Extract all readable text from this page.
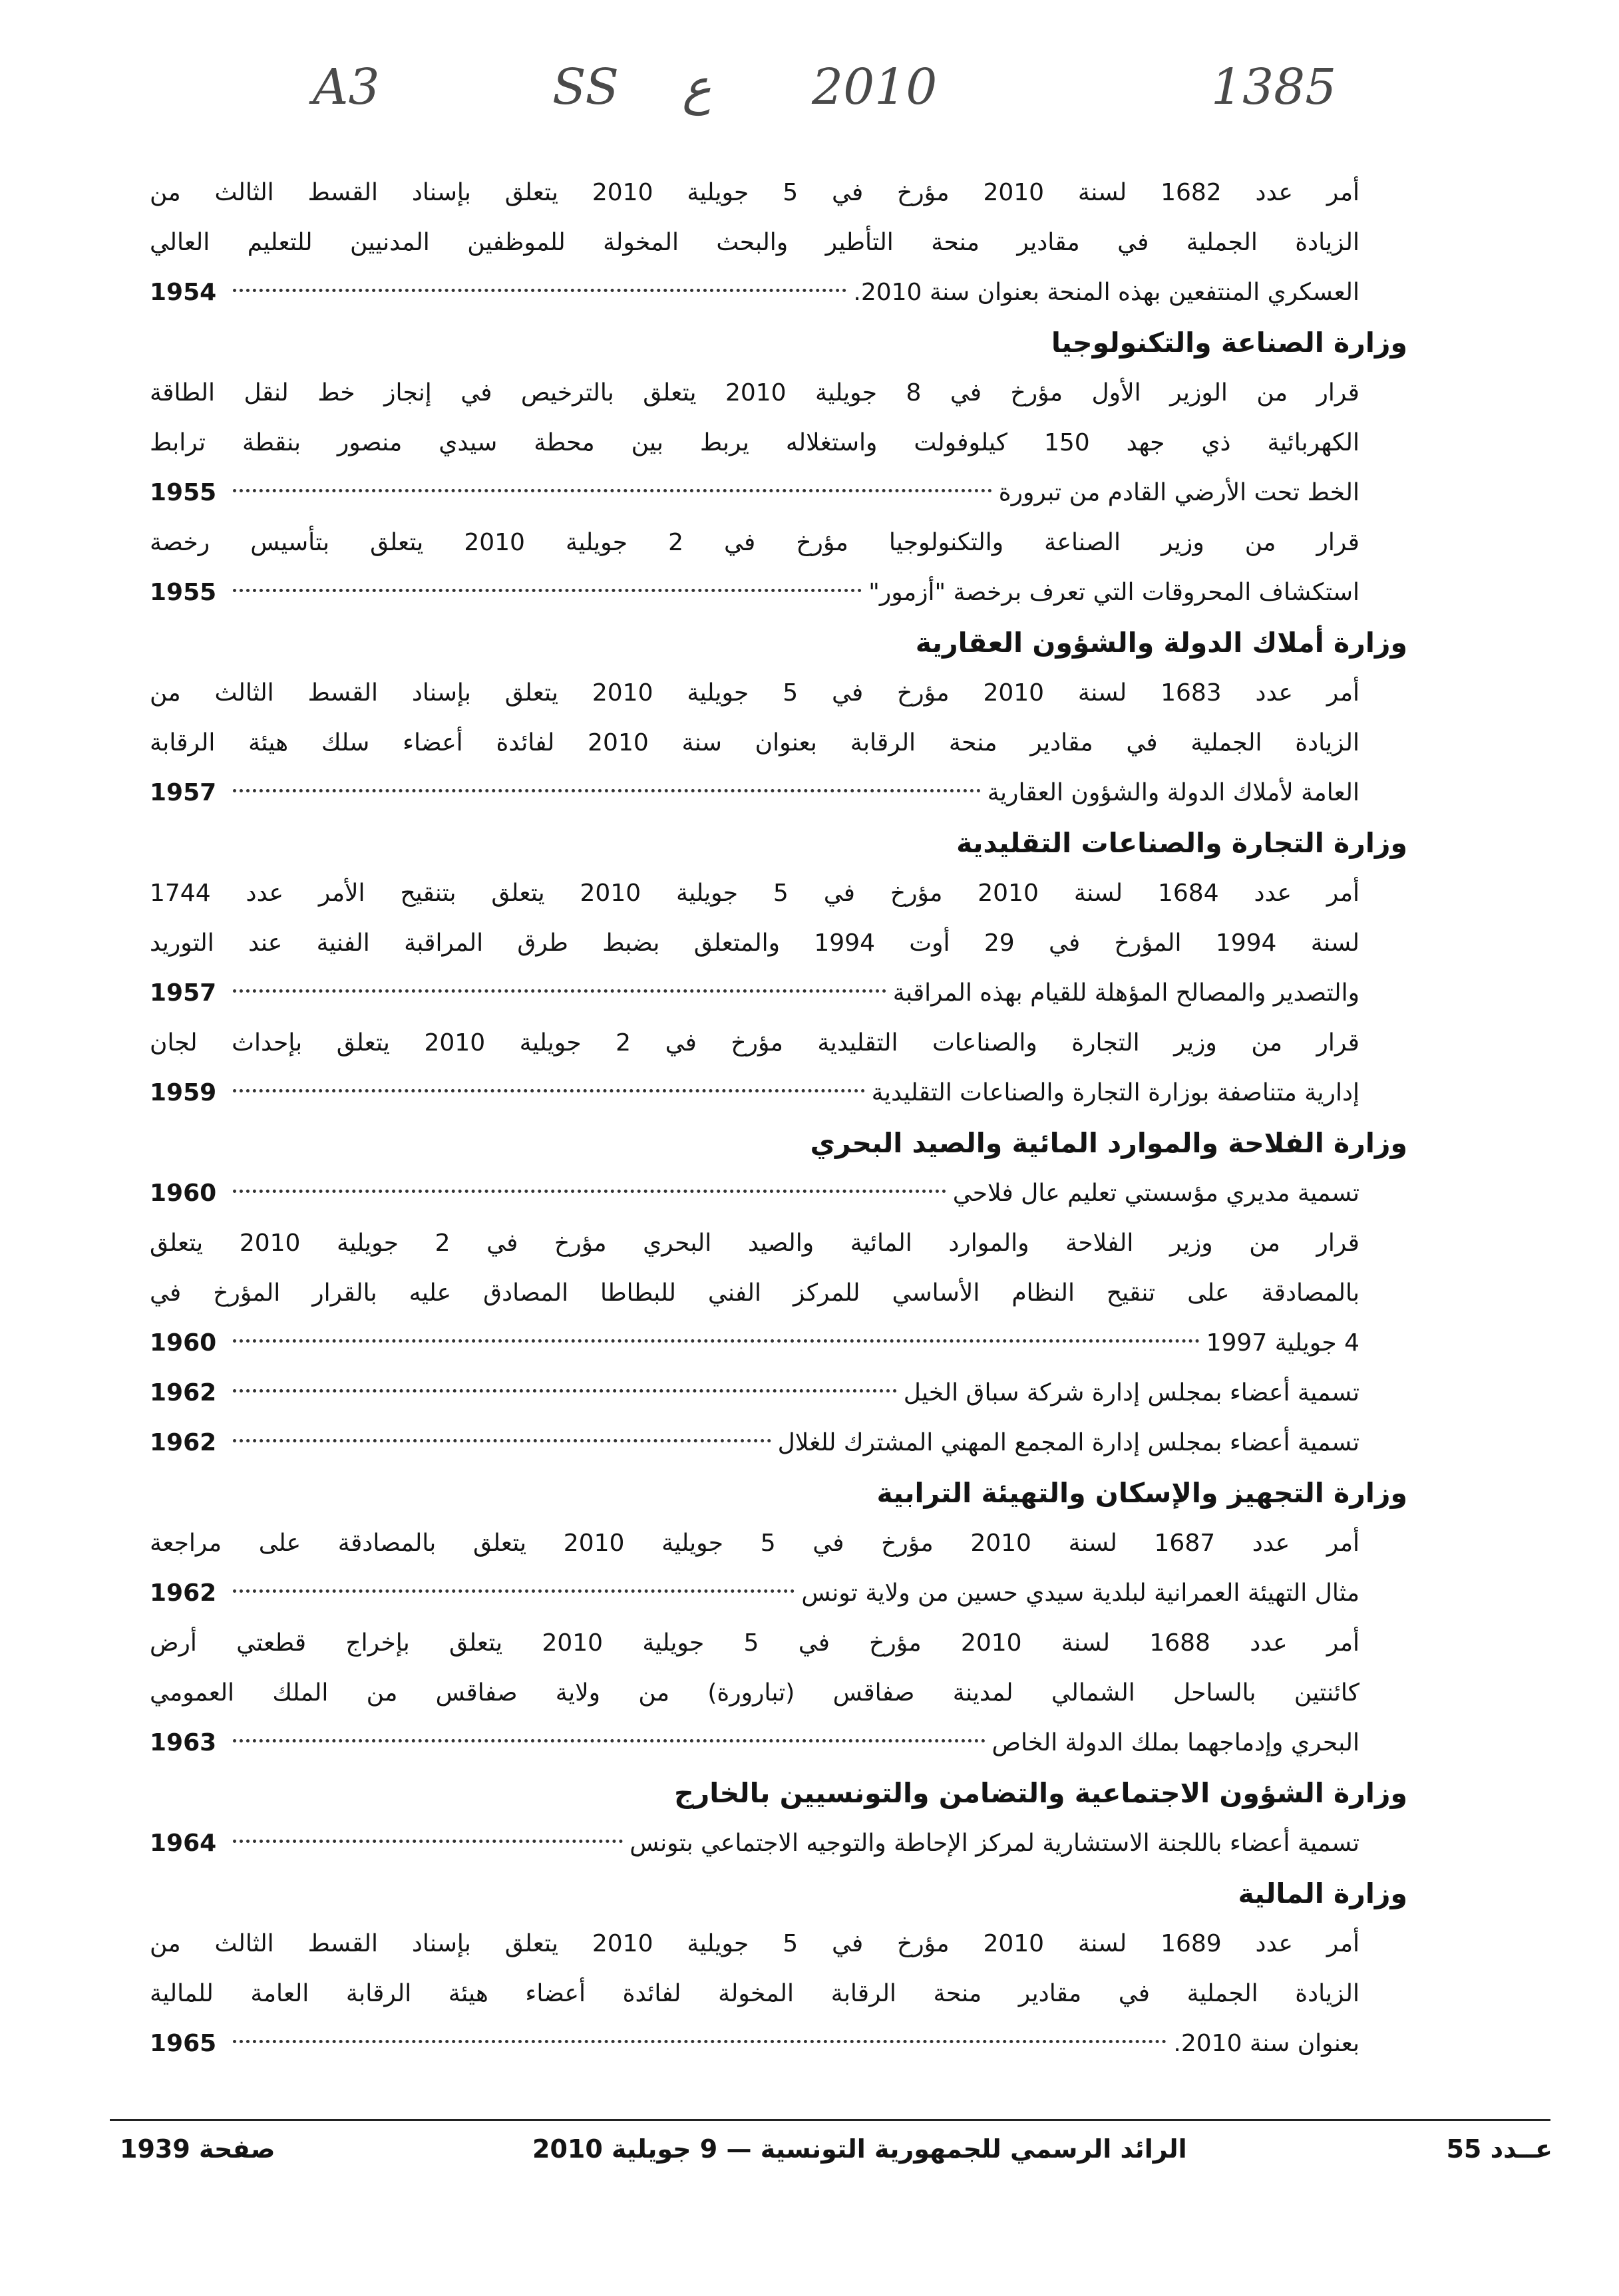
A3	SS ع 2010	1385
أمر عدد 1682 لسنة 2010 مؤرخ في 5 جويلية 2010 يتعلق بإسناد القسط الثالث من
الزيادة الجملية في مقادير منحة التأطير والبحث المخولة للموظفين المدنيين للتعليم العالي
العسكري المنتفعين بهذه المنحة بعنوان سنة 2010.
1954
وزارة الصناعة والتكنولوجيا
قرار من الوزير الأول مؤرخ في 8 جويلية 2010 يتعلق بالترخيص في إنجاز خط لنقل الطاقة
الكهربائية ذي جهد 150 كيلوفولت واستغلاله يربط بين محطة سيدي منصور بنقطة ترابط
الخط تحت الأرضي القادم من تبرورة
1955
قرار من وزير الصناعة والتكنولوجيا مؤرخ في 2 جويلية 2010 يتعلق بتأسيس رخصة
استكشاف المحروقات التي تعرف برخصة "أزمور"
1955
وزارة أملاك الدولة والشؤون العقارية
أمر عدد 1683 لسنة 2010 مؤرخ في 5 جويلية 2010 يتعلق بإسناد القسط الثالث من
الزيادة الجملية في مقادير منحة الرقابة بعنوان سنة 2010 لفائدة أعضاء سلك هيئة الرقابة
العامة لأملاك الدولة والشؤون العقارية
1957
وزارة التجارة والصناعات التقليدية
أمر عدد 1684 لسنة 2010 مؤرخ في 5 جويلية 2010 يتعلق بتنقيح الأمر عدد 1744
لسنة 1994 المؤرخ في 29 أوت 1994 والمتعلق بضبط طرق المراقبة الفنية عند التوريد
والتصدير والمصالح المؤهلة للقيام بهذه المراقبة
1957
قرار من وزير التجارة والصناعات التقليدية مؤرخ في 2 جويلية 2010 يتعلق بإحداث لجان
إدارية متناصفة بوزارة التجارة والصناعات التقليدية
1959
وزارة الفلاحة والموارد المائية والصيد البحري
تسمية مديري مؤسستي تعليم عال فلاحي
1960
قرار من وزير الفلاحة والموارد المائية والصيد البحري مؤرخ في 2 جويلية 2010 يتعلق
بالمصادقة على تنقيح النظام الأساسي للمركز الفني للبطاطا المصادق عليه بالقرار المؤرخ في
4 جويلية 1997
1960
تسمية أعضاء بمجلس إدارة شركة سباق الخيل
1962
تسمية أعضاء بمجلس إدارة المجمع المهني المشترك للغلال
1962
وزارة التجهيز والإسكان والتهيئة الترابية
أمر عدد 1687 لسنة 2010 مؤرخ في 5 جويلية 2010 يتعلق بالمصادقة على مراجعة
مثال التهيئة العمرانية لبلدية سيدي حسين من ولاية تونس
1962
أمر عدد 1688 لسنة 2010 مؤرخ في 5 جويلية 2010 يتعلق بإخراج قطعتي أرض
كائنتين بالساحل الشمالي لمدينة صفاقس (تبارورة) من ولاية صفاقس من الملك العمومي
البحري وإدماجهما بملك الدولة الخاص
1963
وزارة الشؤون الاجتماعية والتضامن والتونسيين بالخارج
تسمية أعضاء باللجنة الاستشارية لمركز الإحاطة والتوجيه الاجتماعي بتونس
1964
وزارة المالية
أمر عدد 1689 لسنة 2010 مؤرخ في 5 جويلية 2010 يتعلق بإسناد القسط الثالث من
الزيادة الجملية في مقادير منحة الرقابة المخولة لفائدة أعضاء هيئة الرقابة العامة للمالية
بعنوان سنة 2010.
1965
عــدد 55
الرائد الرسمي للجمهورية التونسية — 9 جويلية 2010
صفحة 1939
